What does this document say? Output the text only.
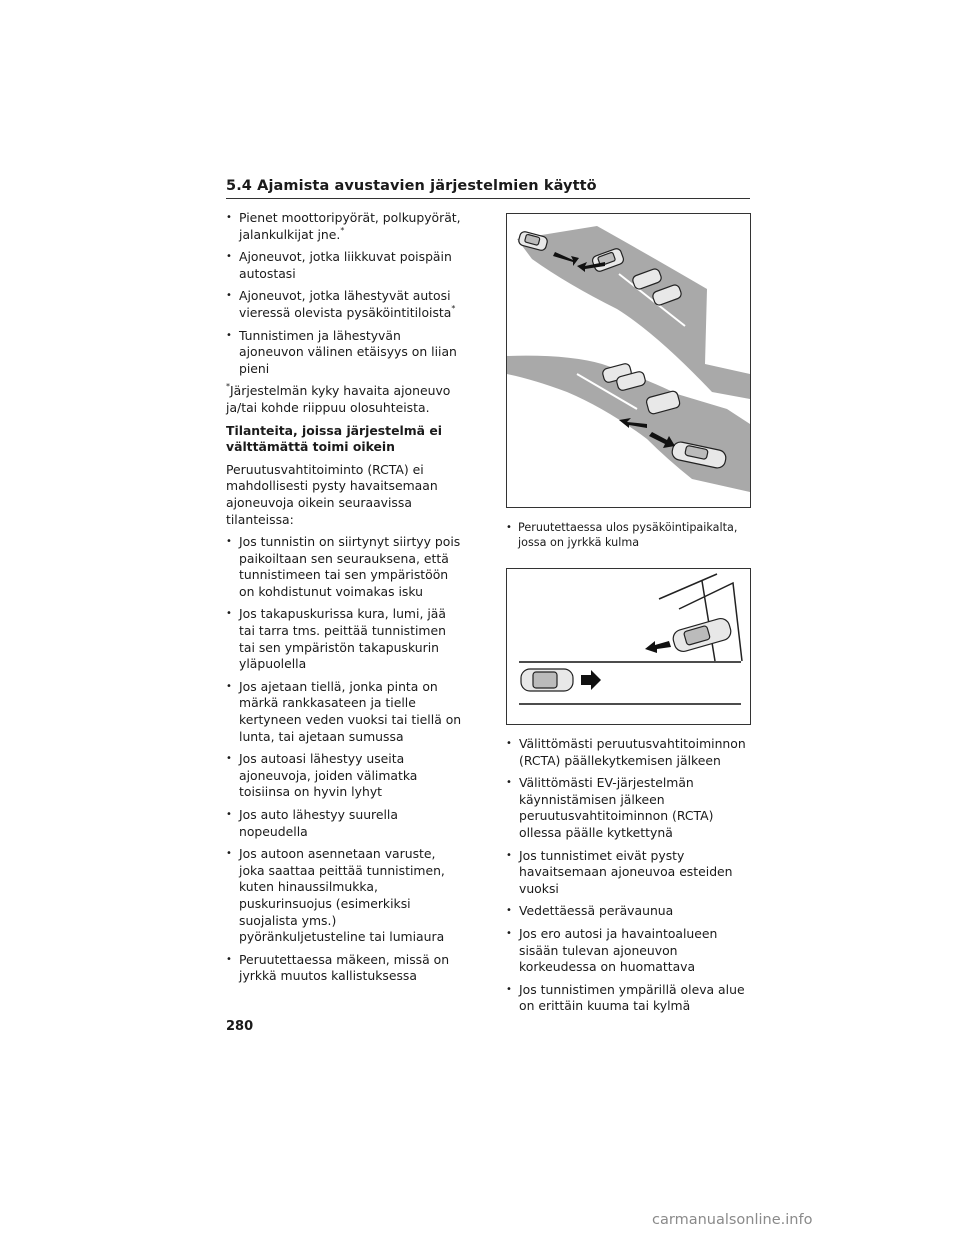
5.4 Ajamista avustavien järjestelmien käyttö
• Pienet moottoripyörät, polkupyörät, jalankulkijat jne.*
• Ajoneuvot, jotka liikkuvat poispäin autostasi
• Ajoneuvot, jotka lähestyvät autosi vieressä olevista pysäköintitiloista*
• Tunnistimen ja lähestyvän ajoneuvon välinen etäisyys on liian pieni

*Järjestelmän kyky havaita ajoneuvo ja/tai kohde riippuu olosuhteista.

Tilanteita, joissa järjestelmä ei välttämättä toimi oikein

Peruutusvahtitoiminto (RCTA) ei mahdollisesti pysty havaitsemaan ajoneuvoja oikein seuraavissa tilanteissa:

• Jos tunnistin on siirtynyt siirtyy pois paikoiltaan sen seurauksena, että tunnistimeen tai sen ympäristöön on kohdistunut voimakas isku
• Jos takapuskurissa kura, lumi, jää tai tarra tms. peittää tunnistimen tai sen ympäristön takapuskurin yläpuolella
• Jos ajetaan tiellä, jonka pinta on märkä rankkasateen ja tielle kertyneen veden vuoksi tai tiellä on lunta, tai ajetaan sumussa
• Jos autoasi lähestyy useita ajoneuvoja, joiden välimatka toisiinsa on hyvin lyhyt
• Jos auto lähestyy suurella nopeudella
• Jos autoon asennetaan varuste, joka saattaa peittää tunnistimen, kuten hinaussilmukka, puskurinsuojus (esimerkiksi suojalista yms.) pyöränkuljetusteline tai lumiaura
• Peruutettaessa mäkeen, missä on jyrkkä muutos kallistuksessa
• Peruutettaessa ulos pysäköintipaikalta, jossa on jyrkkä kulma
• Välittömästi peruutusvahtitoiminnon (RCTA) päällekytkemisen jälkeen
• Välittömästi EV-järjestelmän käynnistämisen jälkeen peruutusvahtitoiminnon (RCTA) ollessa päälle kytkettynä
• Jos tunnistimet eivät pysty havaitsemaan ajoneuvoa esteiden vuoksi
• Vedettäessä perävaunua
• Jos ero autosi ja havaintoalueen sisään tulevan ajoneuvon korkeudessa on huomattava
• Jos tunnistimen ympärillä oleva alue on erittäin kuuma tai kylmä
280
carmanualsonline.info
